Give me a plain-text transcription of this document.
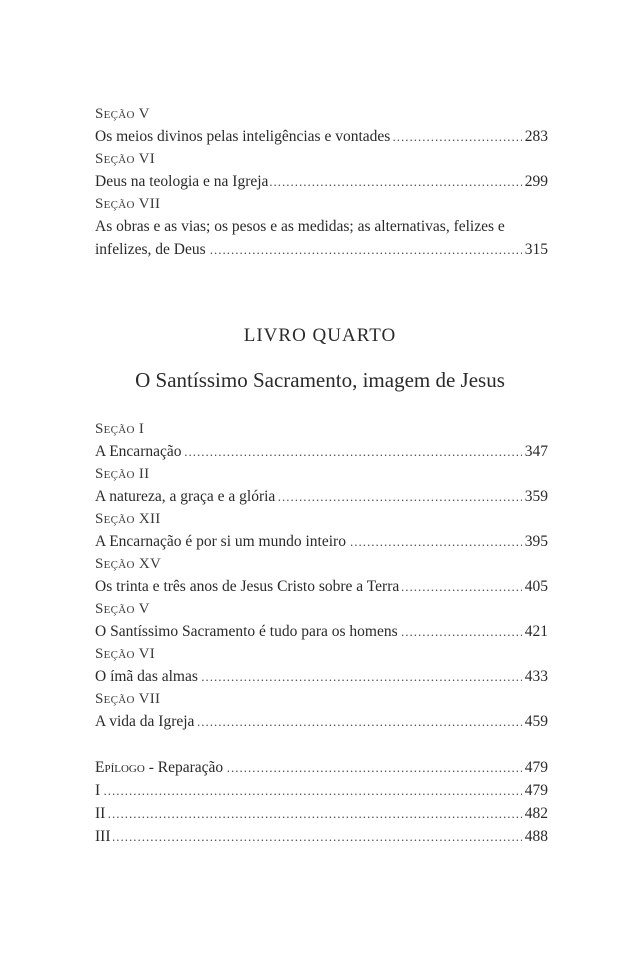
Seção V
Os meios divinos pelas inteligências e vontades	283
.....
Seção VI
Deus na teologia e na Igreja	299
.....
Seção VII
As obras e as vias; os pesos e as medidas; as alternativas, felizes e
infelizes, de Deus	315
.....
LIVRO QUARTO
O Santíssimo Sacramento, imagem de Jesus
Seção I
A Encarnação	347
.....
Seção II
A natureza, a graça e a glória	359
.....
Seção XII
A Encarnação é por si um mundo inteiro	395
.....
Seção XV
Os trinta e três anos de Jesus Cristo sobre a Terra	405
.....
Seção V
O Santíssimo Sacramento é tudo para os homens	421
.....
Seção VI
O ímã das almas	433
.....
Seção VII
A vida da Igreja	459
.....
Epílogo - Reparação	479
.....
I	479
.....
II	482
.....
III	488
.....
